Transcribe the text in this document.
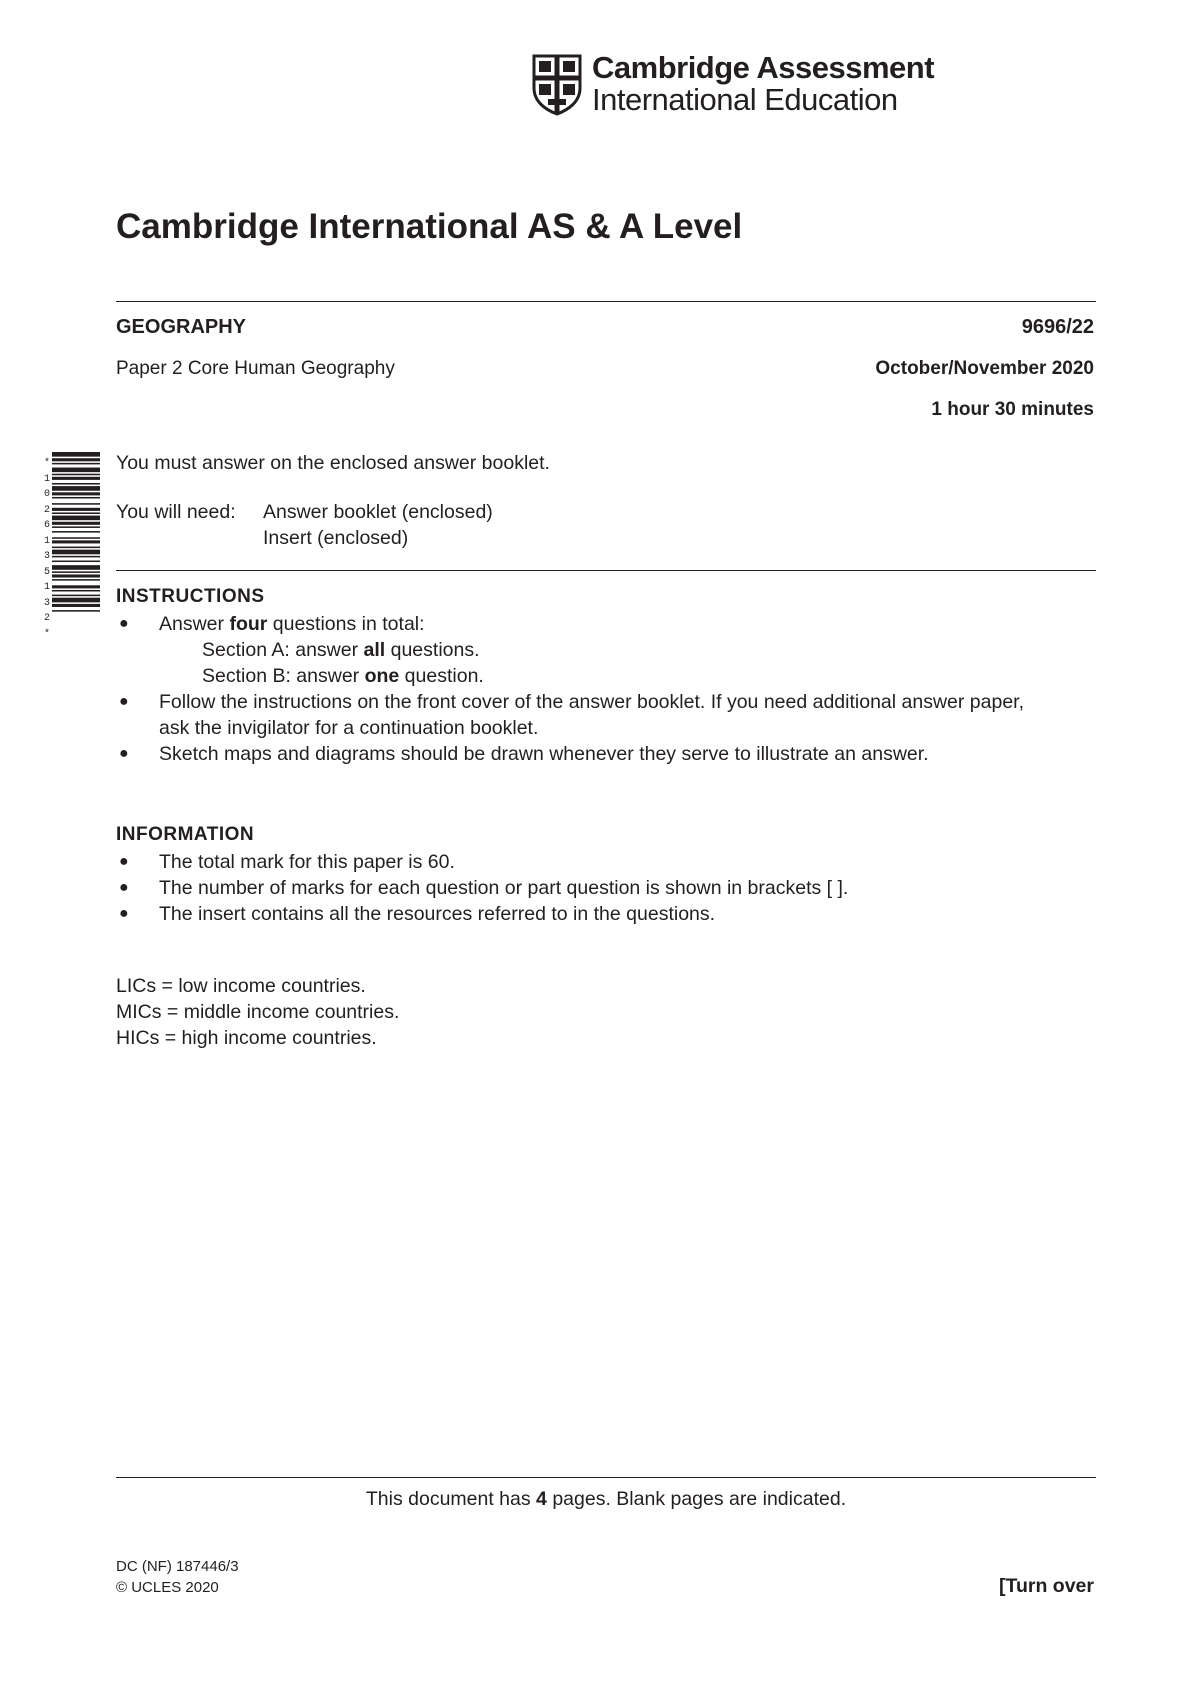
Cambridge Assessment
International Education
Cambridge International AS & A Level
GEOGRAPHY	9696/22
Paper 2 Core Human Geography	October/November 2020
1 hour 30 minutes
*
1
0
2
6
1
3
5
1
3
2
*
You must answer on the enclosed answer booklet.
You will need: Answer booklet (enclosed)
Insert (enclosed)
INSTRUCTIONS
● Answer four questions in total:
Section A: answer all questions.
Section B: answer one question.
● Follow the instructions on the front cover of the answer booklet. If you need additional answer paper,
ask the invigilator for a continuation booklet.
● Sketch maps and diagrams should be drawn whenever they serve to illustrate an answer.
INFORMATION
● The total mark for this paper is 60.
● The number of marks for each question or part question is shown in brackets [ ].
● The insert contains all the resources referred to in the questions.
LICs = low income countries.
MICs = middle income countries.
HICs = high income countries.
This document has 4 pages. Blank pages are indicated.
DC (NF) 187446/3
© UCLES 2020	[Turn over
